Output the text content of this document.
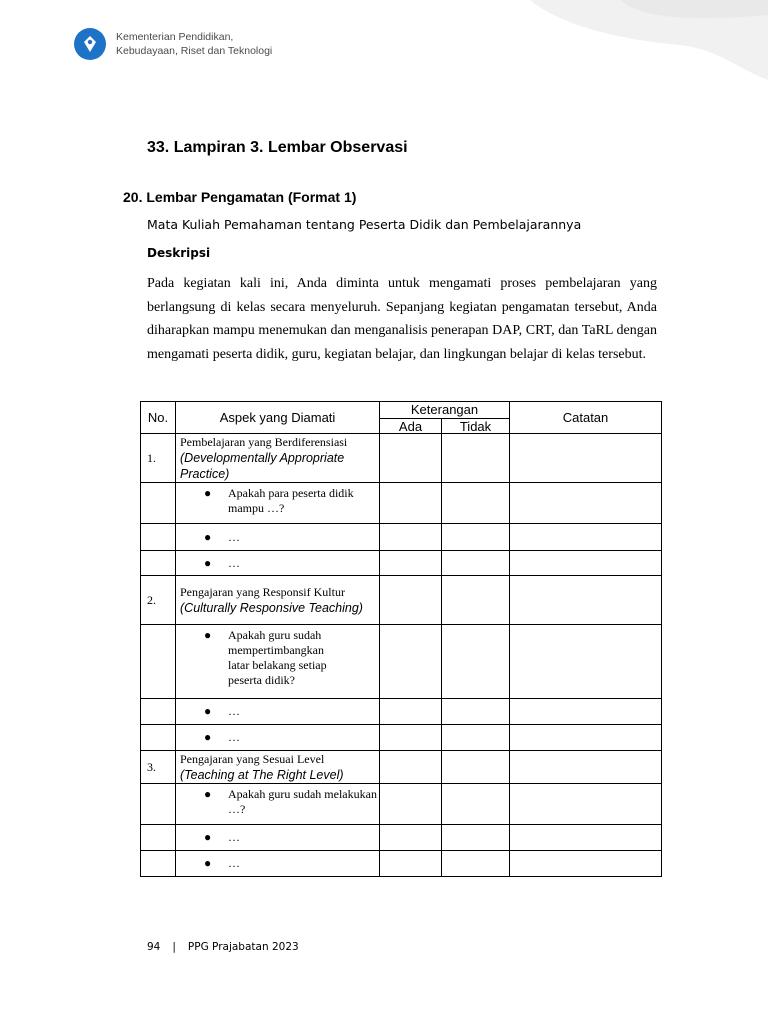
Kementerian Pendidikan,
Kebudayaan, Riset dan Teknologi
33. Lampiran 3. Lembar Observasi
20. Lembar Pengamatan (Format 1)
Mata Kuliah Pemahaman tentang Peserta Didik dan Pembelajarannya
Deskripsi
Pada kegiatan kali ini, Anda diminta untuk mengamati proses pembelajaran yang berlangsung di kelas secara menyeluruh. Sepanjang kegiatan pengamatan tersebut, Anda diharapkan mampu menemukan dan menganalisis penerapan DAP, CRT, dan TaRL dengan mengamati peserta didik, guru, kegiatan belajar, dan lingkungan belajar di kelas tersebut.
No.	Aspek yang Diamati	Keterangan		Catatan
		Ada	Tidak	
1.	Pembelajaran yang Berdiferensiasi
(Developmentally Appropriate Practice)			

	● Apakah para peserta didik mampu …?			

	● …			

	● …			

2.	Pengajaran yang Responsif Kultur
(Culturally Responsive Teaching)			

	● Apakah guru sudah mempertimbangkan latar belakang setiap peserta didik?			

	● …			

	● …			

3.	Pengajaran yang Sesuai Level
(Teaching at The Right Level)			

	● Apakah guru sudah melakukan …?			

	● …			

	● …			

94 | PPG Prajabatan 2023
